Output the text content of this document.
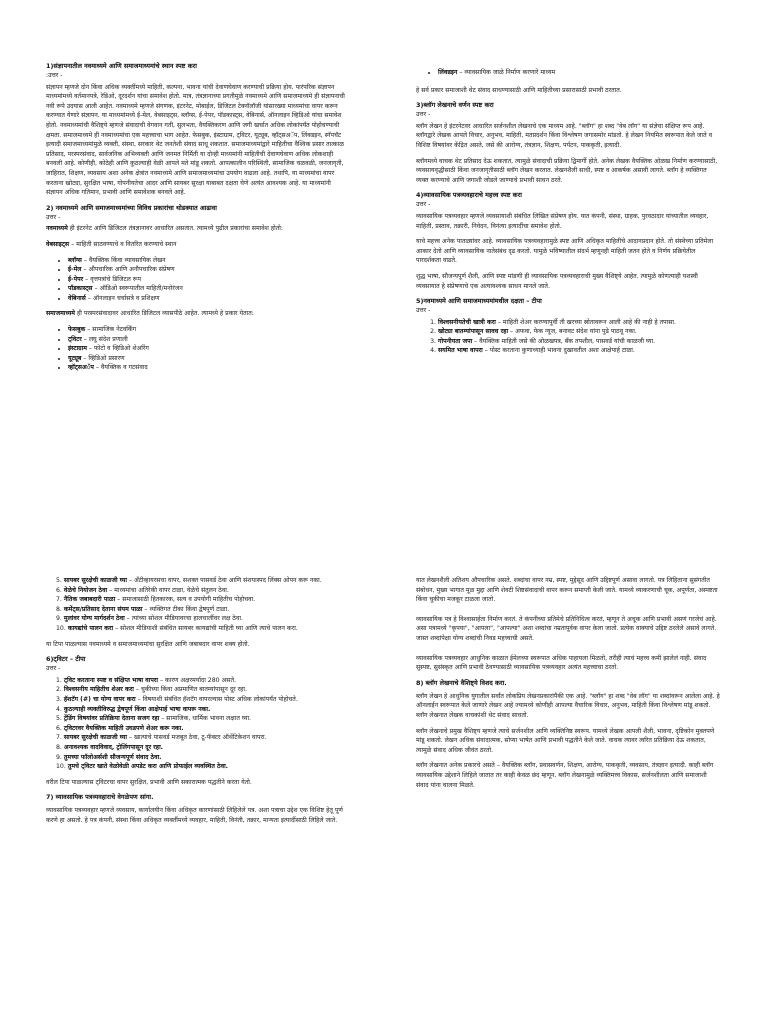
1)संज्ञापनातील नवमाध्यमे आणि समाजमाध्यमांचे स्थान स्पष्ट करा
:उत्तर -

संज्ञापन म्हणजे दोन किंवा अधिक व्यक्तींमध्ये माहिती, कल्पना, भावना यांची देवाणघेवाण करण्याची प्रक्रिया होय. पारंपरिक संज्ञापन माध्यमांमध्ये वर्तमानपत्रे, रेडिओ, दूरदर्शन यांचा समावेश होतो. मात्र, तंत्रज्ञानाच्या प्रगतीमुळे नवमाध्यमे आणि समाजमाध्यमे ही संज्ञापनाची नवी रूपे उदयास आली आहेत. नवमाध्यमे म्हणजे संगणक, इंटरनेट, मोबाईल, डिजिटल टेक्नॉलॉजी यांसारख्या माध्यमांचा वापर करून करण्यात येणारे संज्ञापन. या माध्यमांमध्ये ई-मेल, वेबसाइट्स, ब्लॉग्स, ई-पेपर, पॉडकास्ट्स, वेबिनार्स, ऑनलाइन व्हिडिओ यांचा समावेश होतो. नवमाध्यमांची वैशिष्ट्ये म्हणजे संवादाची वेगवान गती, सुलभता, वैयक्तिकरण आणि जगी खर्चात अधिक लोकांपर्यंत पोहोचण्याची क्षमता. समाजमाध्यमे ही नवमाध्यमांचा एक महत्त्वाचा भाग आहेत. फेसबुक, इंस्टाग्राम, ट्विटर, यूट्यूब, व्हॉट्सअॅप, लिंक्डइन, स्नॅपचॅट इत्यादी समाजमाध्यमांमुळे व्यक्ती, संस्था, सरकार थेट जनतेशी संवाद साधू शकतात. समाजमाध्यमांद्वारे माहितीचा वैश्विक प्रसार तात्काळ प्रतिसाद, परस्परसंवाद, सार्वजनिक अभिव्यक्ती आणि जनमत निर्मिती या दोन्ही माध्यमांनी माहितीची देवाणघेवाण अधिक लोकशाही बनवली आहे. कोणीही, कोठेही आणि कुठल्याही वेळी आपले मते मांडू शकतो. आपत्कालीन परिस्थिती, सामाजिक चळवळी, जनजागृती, जाहिरात, शिक्षण, व्यवसाय अशा अनेक क्षेत्रांत नवमाध्यमे आणि समाजमाध्यमांचा उपयोग वाढला आहे. तथापि, या माध्यमांचा वापर करताना खोट्या, सुरक्षित भाषा, गोपनीयतेचा आदर आणि सायबर सुरक्षा याबाबत दक्षता घेणे अत्यंत आवश्यक आहे. या माध्यमांनी संज्ञापन अधिक गतिमान, प्रभावी आणि समावेशक बनवले आहे.

2) नवमाध्यमे आणि समाजमाध्यमांच्या विविध प्रकारांचा थोडक्यात आढावा
उत्तर -

नवमाध्यमे ही इंटरनेट आणि डिजिटल तंत्रज्ञानावर आधारित असतात. त्यामध्ये पुढील प्रकारांचा समावेश होतो:

वेबसाइट्स – माहिती साठवण्याचे व वितरित करण्याचे स्थान

• ब्लॉग्स – वैयक्तिक किंवा व्यावसायिक लेखन
• ई-मेल – औपचारिक आणि अनौपचारिक संप्रेषण
• ई-पेपर – वृत्तपत्रांचे डिजिटल रूप
• पॉडकास्ट्स – ऑडिओ स्वरूपातील माहिती/मनोरंजन
• वेबिनार्स – ऑनलाइन चर्चासत्रे व प्रशिक्षण

समाजमाध्यमे ही परस्परसंवादावर आधारित डिजिटल व्यासपीठे आहेत. त्यामध्ये हे प्रकार येतात:

• फेसबुक – सामाजिक नेटवर्किंग
• ट्विटर – लघु संदेश प्रणाली
• इंस्टाग्राम – फोटो व व्हिडिओ शेअरिंग
• यूट्यूब – व्हिडिओ प्रसारण
• व्हॉट्सअॅप – वैयक्तिक व गटसंवाद
• लिंक्डइन – व्यावसायिक जाळे निर्माण करणारे माध्यम

हे सर्व प्रकार समाजाशी थेट संवाद साधण्यासाठी आणि माहितीच्या प्रसारासाठी प्रभावी ठरतात.

3)ब्लॉग लेखनाचे वर्णन स्पष्ट करा
उत्तर -

ब्लॉग लेखन हे इंटरनेटवर आधारित सर्जनशील लेखनाचे एक माध्यम आहे. "ब्लॉग" हा शब्द "वेब लॉग" या संज्ञेचा संक्षिप्त रूप आहे. ब्लॉगद्वारे लेखक आपले विचार, अनुभव, माहिती, मतप्रदर्शन किंवा विश्लेषण जगासमोर मांडतो. हे लेखन नियमित स्वरूपात केले जाते व विशिष्ट विषयांवर केंद्रित असते, जसे की आरोग्य, तंत्रज्ञान, शिक्षण, पर्यटन, पाककृती, इत्यादी.

ब्लॉगमध्ये वाचक थेट प्रतिसाद देऊ शकतात, त्यामुळे संवादाची प्रक्रिया द्विमार्गी होते. अनेक लेखक वैयक्तिक ओळख निर्माण करण्यासाठी, व्यवसायवृद्धीसाठी किंवा जनजागृतीसाठी ब्लॉग लेखन करतात. लेखनशैली साधी, स्पष्ट व आकर्षक असावी लागते. ब्लॉग हे व्यक्तिगत व्यक्त करण्याचे आणि जगाशी जोडले जाण्याचे प्रभावी साधन ठरते.

4)व्यावसायिक पत्रव्यवहाराचे महत्त्व स्पष्ट करा
उत्तर -

व्यावसायिक पत्रव्यवहार म्हणजे व्यवसायाशी संबंधित लिखित संप्रेषण होय. यात कंपनी, संस्था, ग्राहक, पुरवठादार यांच्यातील व्यवहार, माहिती, प्रस्ताव, तक्रारी, निवेदन, विनंत्या इत्यादींचा समावेश होतो.

याचे महत्त्व अनेक पातळ्यांवर आहे. व्यावसायिक पत्रव्यवहारामुळे स्पष्ट आणि अधिकृत माहितीचे आदानप्रदान होते. तो संस्थेच्या प्रतिमेला आकार देतो आणि व्यावसायिक नातेसंबंध दृढ करतो. यामुळे भविष्यातील संदर्भ म्हणूनही माहिती जतन होते व निर्णय प्रक्रियेतील पारदर्शकता वाढते.

शुद्ध भाषा, सौजन्यपूर्ण शैली, आणि स्पष्ट मांडणी ही व्यावसायिक पत्रव्यवहाराची मुख्य वैशिष्ट्ये आहेत. त्यामुळे कोणत्याही यशस्वी व्यवसायात हे संप्रेषणाचे एक अत्यावश्यक साधन मानले जाते.

5)नवमाध्यमे आणि समाजमाध्यमांमधील दक्षता – टीपा
उत्तर -
1. विश्वसनीयतेची खात्री करा – माहिती शेअर करण्यापूर्वी ती खरच्या स्रोतावरून आली आहे की नाही हे तपासा.
2. खोट्या बातम्यांपासून सावध रहा – अफवा, फेक न्यूज, बनावट संदेश यांना पुढे पाठवू नका.
3. गोपनीयता जपा – वैयक्तिक माहिती जसे की ओळखपत्र, बँक तपशील, पासवर्ड यांची काळजी घ्या.
4. सयमित भाषा वापरा – पोस्ट करताना कुणाच्याही भावना दुखावतील अशा आक्षेपार्ह टाळा.
5. सायबर सुरक्षेची काळजी घ्या – अँटीव्हायरसचा वापर, सशक्त पासवर्ड ठेवा आणि संशयास्पद लिंक्स ओपन करू नका.
6. वेळेचे नियोजन ठेवा – माध्यमांचा अतिरेकी वापर टाळा, वेळेचे संतुलन ठेवा.
7. नैतिक जबाबदारी पाळा – समाजासाठी हितकारक, सत्य व उपयोगी माहितीच पोहोचवा.
8. कमेंट्स/प्रतिसाद देताना संयम पाळा – व्यक्तिगत टीका किंवा द्वेषपूर्ण टाळा.
9. मुलांवर योग्य मार्गदर्शन ठेवा – त्यांच्या सोशल मीडियावरचा हालचालींवर लक्ष ठेवा.
10. कायद्यांचे पालन करा – सोशल मीडियाशी संबंधित सायबर कायद्यांची माहिती घ्या आणि त्याचे पालन करा.

या टिपा पाळल्यास नवमाध्यमे व समाजमाध्यमांचा सुरक्षित आणि जबाबदार वापर शक्य होतो.

6)ट्विटर – टीपा
उत्तर -
1. ट्विट करताना स्पष्ट व संक्षिप्त भाषा वापरा – कारण अक्षरमर्यादा 280 असते.
2. विश्वसनीय माहितीच शेअर करा – चुकीच्या किंवा अप्रमाणित बातम्यांपासून दूर रहा.
3. हॅशटॅग (#) चा योग्य वापर करा – विषयाशी संबंधित हॅशटॅग वापरल्यास पोस्ट अधिक लोकांपर्यंत पोहोचते.
4. कुठल्याही व्यक्तीविरुद्ध द्वेषपूर्ण किंवा आक्षेपार्ह भाषा वापरू नका.
5. ट्रेंडिंग विषयांवर प्रतिक्रिया देताना सजग रहा – सामाजिक, धार्मिक भावना लक्षात घ्या.
6. ट्विटरवर वैयक्तिक माहिती उघडपणे शेअर करू नका.
7. सायबर सुरक्षेची काळजी घ्या – खात्याचे पासवर्ड मजबूत ठेवा, टू-फॅक्टर ऑथेंटिकेशन वापरा.
8. अनावश्यक वादविवाद, ट्रोलिंगपासून दूर रहा.
9. तुमच्या फॉलोअर्सशी सौजन्यपूर्ण संवाद ठेवा.
10. तुमचे ट्विटर खाते वेळोवेळी अपडेट करा आणि प्रोफाईल व्यवस्थित ठेवा.

वरील टिपा पाळल्यास ट्विटरचा वापर सुरक्षित, प्रभावी आणि सकारात्मक पद्धतीने करता येतो.

7) व्यावसायिक पत्रव्यवहाराचे वेगळेपण सांगा.

व्यावसायिक पत्रव्यवहार म्हणजे व्यवसाय, कार्यालयीन किंवा अधिकृत कारणांसाठी लिहिलेले पत्र. अशा पत्राचा उद्देश एक विशिष्ट हेतू पूर्ण करणे हा असतो. हे पत्र कंपनी, संस्था किंवा अधिकृत व्यक्तींमध्ये व्यवहार, माहिती, विनंती, तक्रार, मान्यता इत्यादींसाठी लिहिले जाते.

यात लेखनशैली अतिशय औपचारिक असते. शब्दांचा वापर नम्र, स्पष्ट, मुद्देसूद आणि उद्दिष्टपूर्ण असावा लागतो. पत्र लिहिताना सुसंगतीत संबोधन, मुख्य भागात मूळ मुद्दा आणि शेवटी शिष्टसंवादाची वापर करून समाप्ती केली जाते. यामध्ये व्याकरणाची चूक, अपूर्णता, अस्पष्टता किंवा चुकीचा मजकूर टाळला जातो.

व्यावसायिक पत्र हे विश्वासार्हता निर्माण करतं. ते कंपनीच्या प्रतिमेचे प्रतिनिधित्व करतं, म्हणून ते अचूक आणि प्रभावी असणं गरजेचं आहे. असा पत्रामध्ये "कृपया", "आपला", "आपल्या" अशा शब्दांचा नम्रतापूर्वक वापर केला जातो. प्रत्येक वाक्याचे उद्दिष्ट ठरलेले असावे लागते. जास्त शब्दांपेक्षा योग्य शब्दांची निवड महत्त्वाची असते.

व्यावसायिक पत्रव्यवहार आधुनिक काळात ईमेलच्या स्वरूपात अधिक पाहायला मिळतो, तरीही त्याचं महत्त्व कमी झालेलं नाही. संवाद सुस्पष्ट, सुसंस्कृत आणि प्रभावी ठेवण्यासाठी व्यावसायिक पत्रव्यवहार अत्यंत महत्त्वाचा ठरतो.

8) ब्लॉग लेखनाचे वैशिष्ट्ये विशद करा.

ब्लॉग लेखन हे आधुनिक युगातील सर्वांत लोकप्रिय लेखनप्रकारांपैकी एक आहे. "ब्लॉग" हा शब्द "वेब लॉग" या शब्दांवरून आलेला आहे. हे ऑनलाईन स्वरूपात केले जाणारे लेखन आहे ज्यामध्ये कोणीही आपल्या वैचारिक विचार, अनुभव, माहिती किंवा विश्लेषण मांडू शकतो. ब्लॉग लेखनात लेखक वाचकांशी थेट संवाद साधतो.

ब्लॉग लेखनाचे प्रमुख वैशिष्ट्य म्हणजे त्याचे सर्जनशील आणि व्यक्तिनिष्ठ स्वरूप. यामध्ये लेखक आपली शैली, भावना, दृष्टिकोन मुक्तपणे मांडू शकतो. लेखन अधिक संवादात्मक, सोप्या भाषेत आणि प्रभावी पद्धतीने केले जाते. वाचक त्यावर त्वरित प्रतिक्रिया देऊ शकतात, त्यामुळे संवाद अधिक जीवंत ठरतो.

ब्लॉग लेखनात अनेक प्रकारचे असते – वैयक्तिक ब्लॉग, प्रवासवर्णन, शिक्षण, आरोग्य, पाककृती, व्यवसाय, तंत्रज्ञान इत्यादी. काही ब्लॉग व्यावसायिक उद्देशाने लिहिले जातात तर काही केवळ छंद म्हणून. ब्लॉग लेखनामुळे व्यक्तिमत्त्व विकास, सर्जनशीलता आणि समाजाशी संवाद यांना चालना मिळते.
